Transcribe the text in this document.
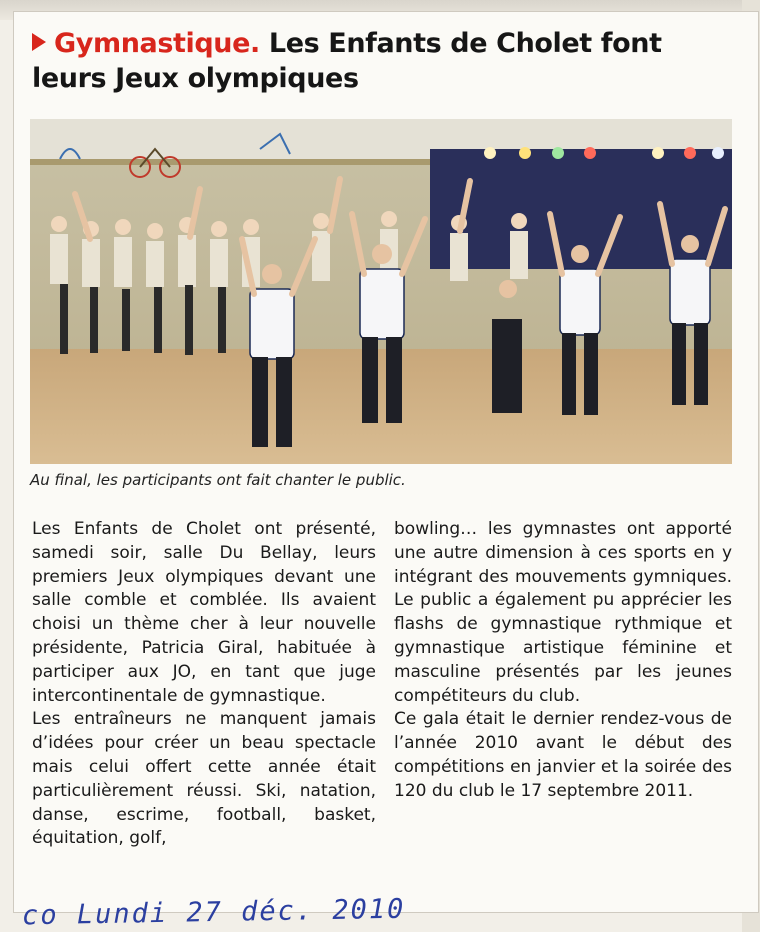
Gymnastique. Les Enfants de Cholet font leurs Jeux olympiques

Au final, les participants ont fait chanter le public.

Les Enfants de Cholet ont présenté, samedi soir, salle Du Bellay, leurs premiers Jeux olympiques devant une salle comble et comblée. Ils avaient choisi un thème cher à leur nouvelle présidente, Patricia Giral, habituée à participer aux JO, en tant que juge intercontinentale de gymnastique.

Les entraîneurs ne manquent jamais d’idées pour créer un beau spectacle mais celui offert cette année était particulièrement réussi. Ski, natation, danse, escrime, football, basket, équitation, golf,

bowling… les gymnastes ont apporté une autre dimension à ces sports en y intégrant des mouvements gymniques. Le public a également pu apprécier les flashs de gymnastique rythmique et gymnastique artistique féminine et masculine présentés par les jeunes compétiteurs du club.

Ce gala était le dernier rendez-vous de l’année 2010 avant le début des compétitions en janvier et la soirée des 120 du club le 17 septembre 2011.

co Lundi 27 déc. 2010
